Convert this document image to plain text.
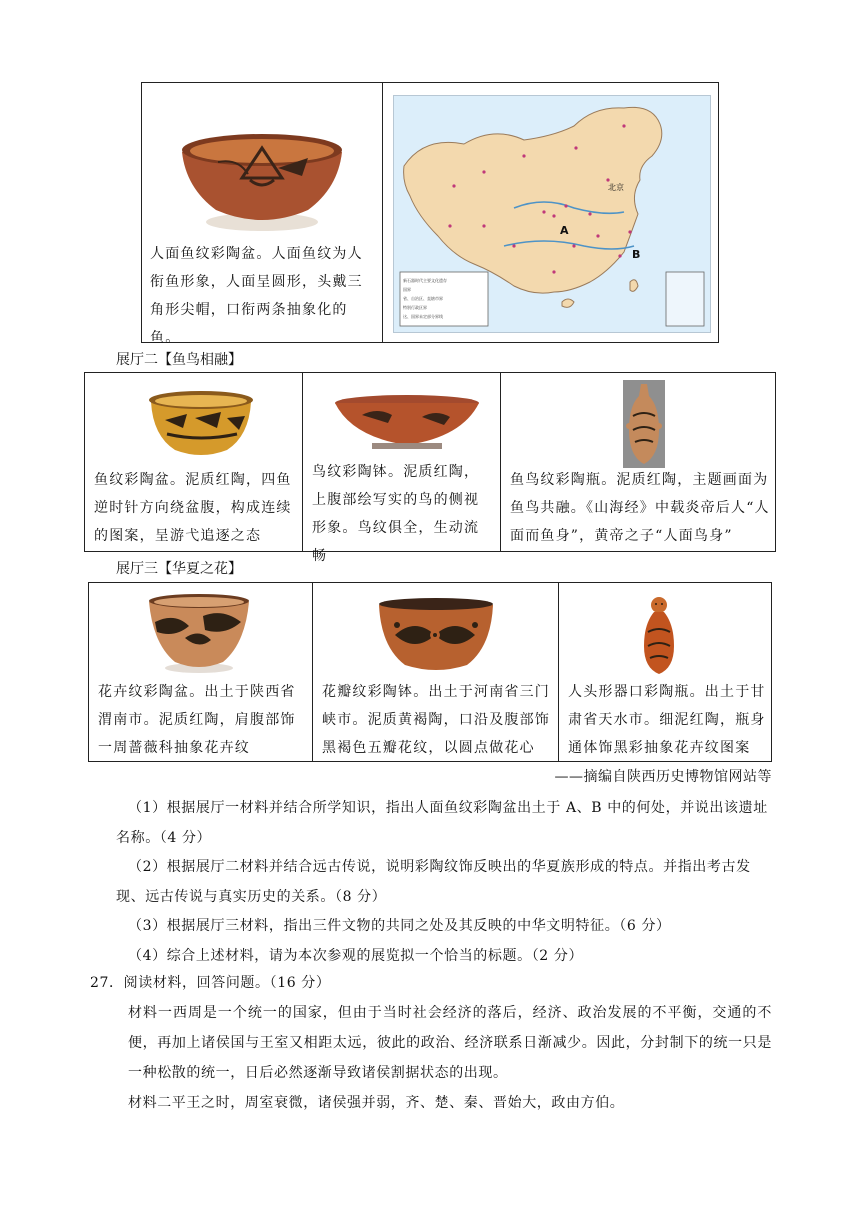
人面鱼纹彩陶盆。人面鱼纹为人衔鱼形象，人面呈圆形，头戴三角形尖帽，口衔两条抽象化的鱼。
北京
A
B
新石器时代主要文化遗存
国界
省、自治区、直辖市界
特别行政区界
这、国界未定部分界线
展厅二【鱼鸟相融】
鱼纹彩陶盆。泥质红陶，四鱼逆时针方向绕盆腹，构成连续的图案，呈游弋追逐之态
鸟纹彩陶钵。泥质红陶，上腹部绘写实的鸟的侧视形象。鸟纹俱全，生动流畅
鱼鸟纹彩陶瓶。泥质红陶，主题画面为鱼鸟共融。《山海经》中载炎帝后人“人面而鱼身”，黄帝之子“人面鸟身”
展厅三【华夏之花】
花卉纹彩陶盆。出土于陕西省渭南市。泥质红陶，肩腹部饰一周蔷薇科抽象花卉纹
花瓣纹彩陶钵。出土于河南省三门峡市。泥质黄褐陶，口沿及腹部饰黑褐色五瓣花纹，以圆点做花心
人头形器口彩陶瓶。出土于甘肃省天水市。细泥红陶，瓶身通体饰黑彩抽象花卉纹图案
——摘编自陕西历史博物馆网站等
（1）根据展厅一材料并结合所学知识，指出人面鱼纹彩陶盆出土于 A、B 中的何处，并说出该遗址名称。（4 分）
（2）根据展厅二材料并结合远古传说，说明彩陶纹饰反映出的华夏族形成的特点。并指出考古发现、远古传说与真实历史的关系。（8 分）
（3）根据展厅三材料，指出三件文物的共同之处及其反映的中华文明特征。（6 分）
（4）综合上述材料，请为本次参观的展览拟一个恰当的标题。（2 分）
27．阅读材料，回答问题。（16 分）
材料一西周是一个统一的国家，但由于当时社会经济的落后，经济、政治发展的不平衡，交通的不便，再加上诸侯国与王室又相距太远，彼此的政治、经济联系日渐减少。因此，分封制下的统一只是一种松散的统一，日后必然逐渐导致诸侯割据状态的出现。
材料二平王之时，周室衰微，诸侯强并弱，齐、楚、秦、晋始大，政由方伯。
